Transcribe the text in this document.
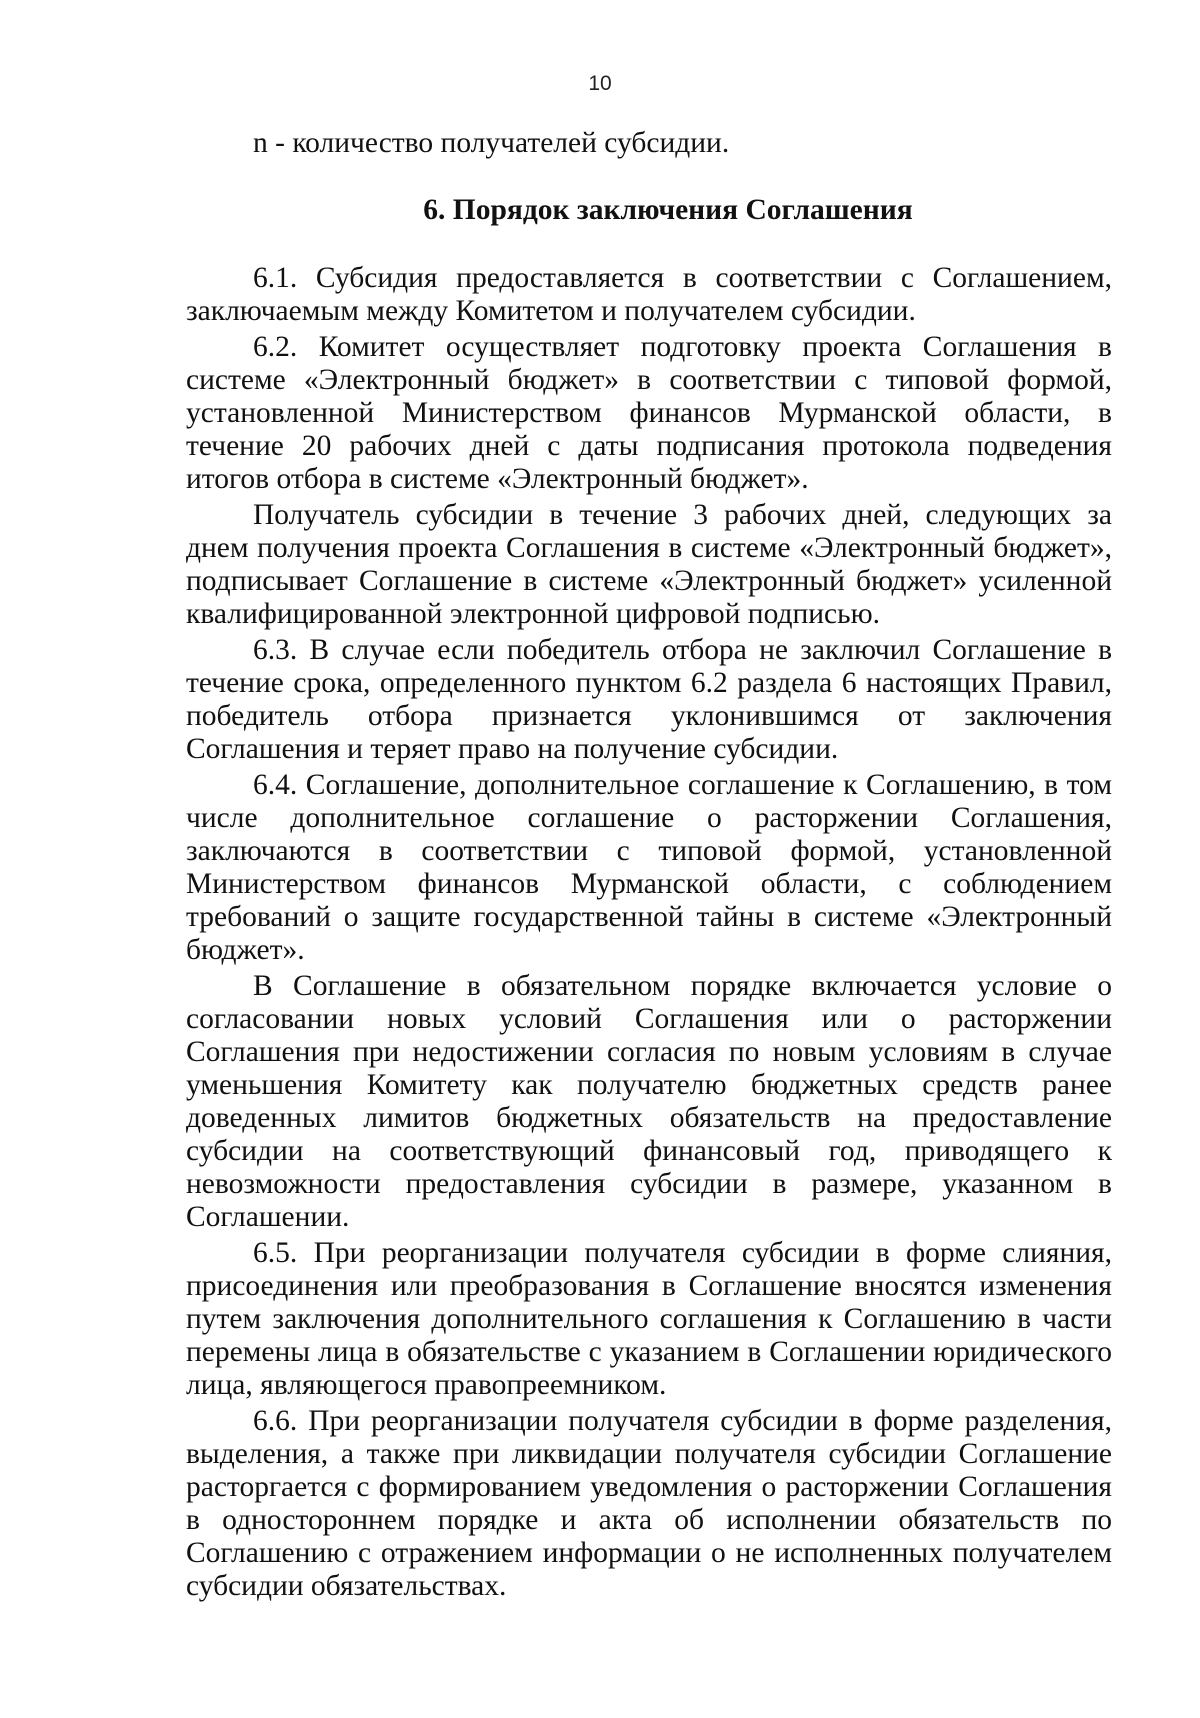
10
n - количество получателей субсидии.
6. Порядок заключения Соглашения

6.1. Субсидия предоставляется в соответствии с Соглашением, заключаемым между Комитетом и получателем субсидии.

6.2. Комитет осуществляет подготовку проекта Соглашения в системе «Электронный бюджет» в соответствии с типовой формой, установленной Министерством финансов Мурманской области, в течение 20 рабочих дней с даты подписания протокола подведения итогов отбора в системе «Электронный бюджет».

Получатель субсидии в течение 3 рабочих дней, следующих за днем получения проекта Соглашения в системе «Электронный бюджет», подписывает Соглашение в системе «Электронный бюджет» усиленной квалифицированной электронной цифровой подписью.

6.3. В случае если победитель отбора не заключил Соглашение в течение срока, определенного пунктом 6.2 раздела 6 настоящих Правил, победитель отбора признается уклонившимся от заключения Соглашения и теряет право на получение субсидии.

6.4. Соглашение, дополнительное соглашение к Соглашению, в том числе дополнительное соглашение о расторжении Соглашения, заключаются в соответствии с типовой формой, установленной Министерством финансов Мурманской области, с соблюдением требований о защите государственной тайны в системе «Электронный бюджет».

В Соглашение в обязательном порядке включается условие о согласовании новых условий Соглашения или о расторжении Соглашения при недостижении согласия по новым условиям в случае уменьшения Комитету как получателю бюджетных средств ранее доведенных лимитов бюджетных обязательств на предоставление субсидии на соответствующий финансовый год, приводящего к невозможности предоставления субсидии в размере, указанном в Соглашении.

6.5. При реорганизации получателя субсидии в форме слияния, присоединения или преобразования в Соглашение вносятся изменения путем заключения дополнительного соглашения к Соглашению в части перемены лица в обязательстве с указанием в Соглашении юридического лица, являющегося правопреемником.

6.6. При реорганизации получателя субсидии в форме разделения, выделения, а также при ликвидации получателя субсидии Соглашение расторгается с формированием уведомления о расторжении Соглашения в одностороннем порядке и акта об исполнении обязательств по Соглашению с отражением информации о не исполненных получателем субсидии обязательствах.
